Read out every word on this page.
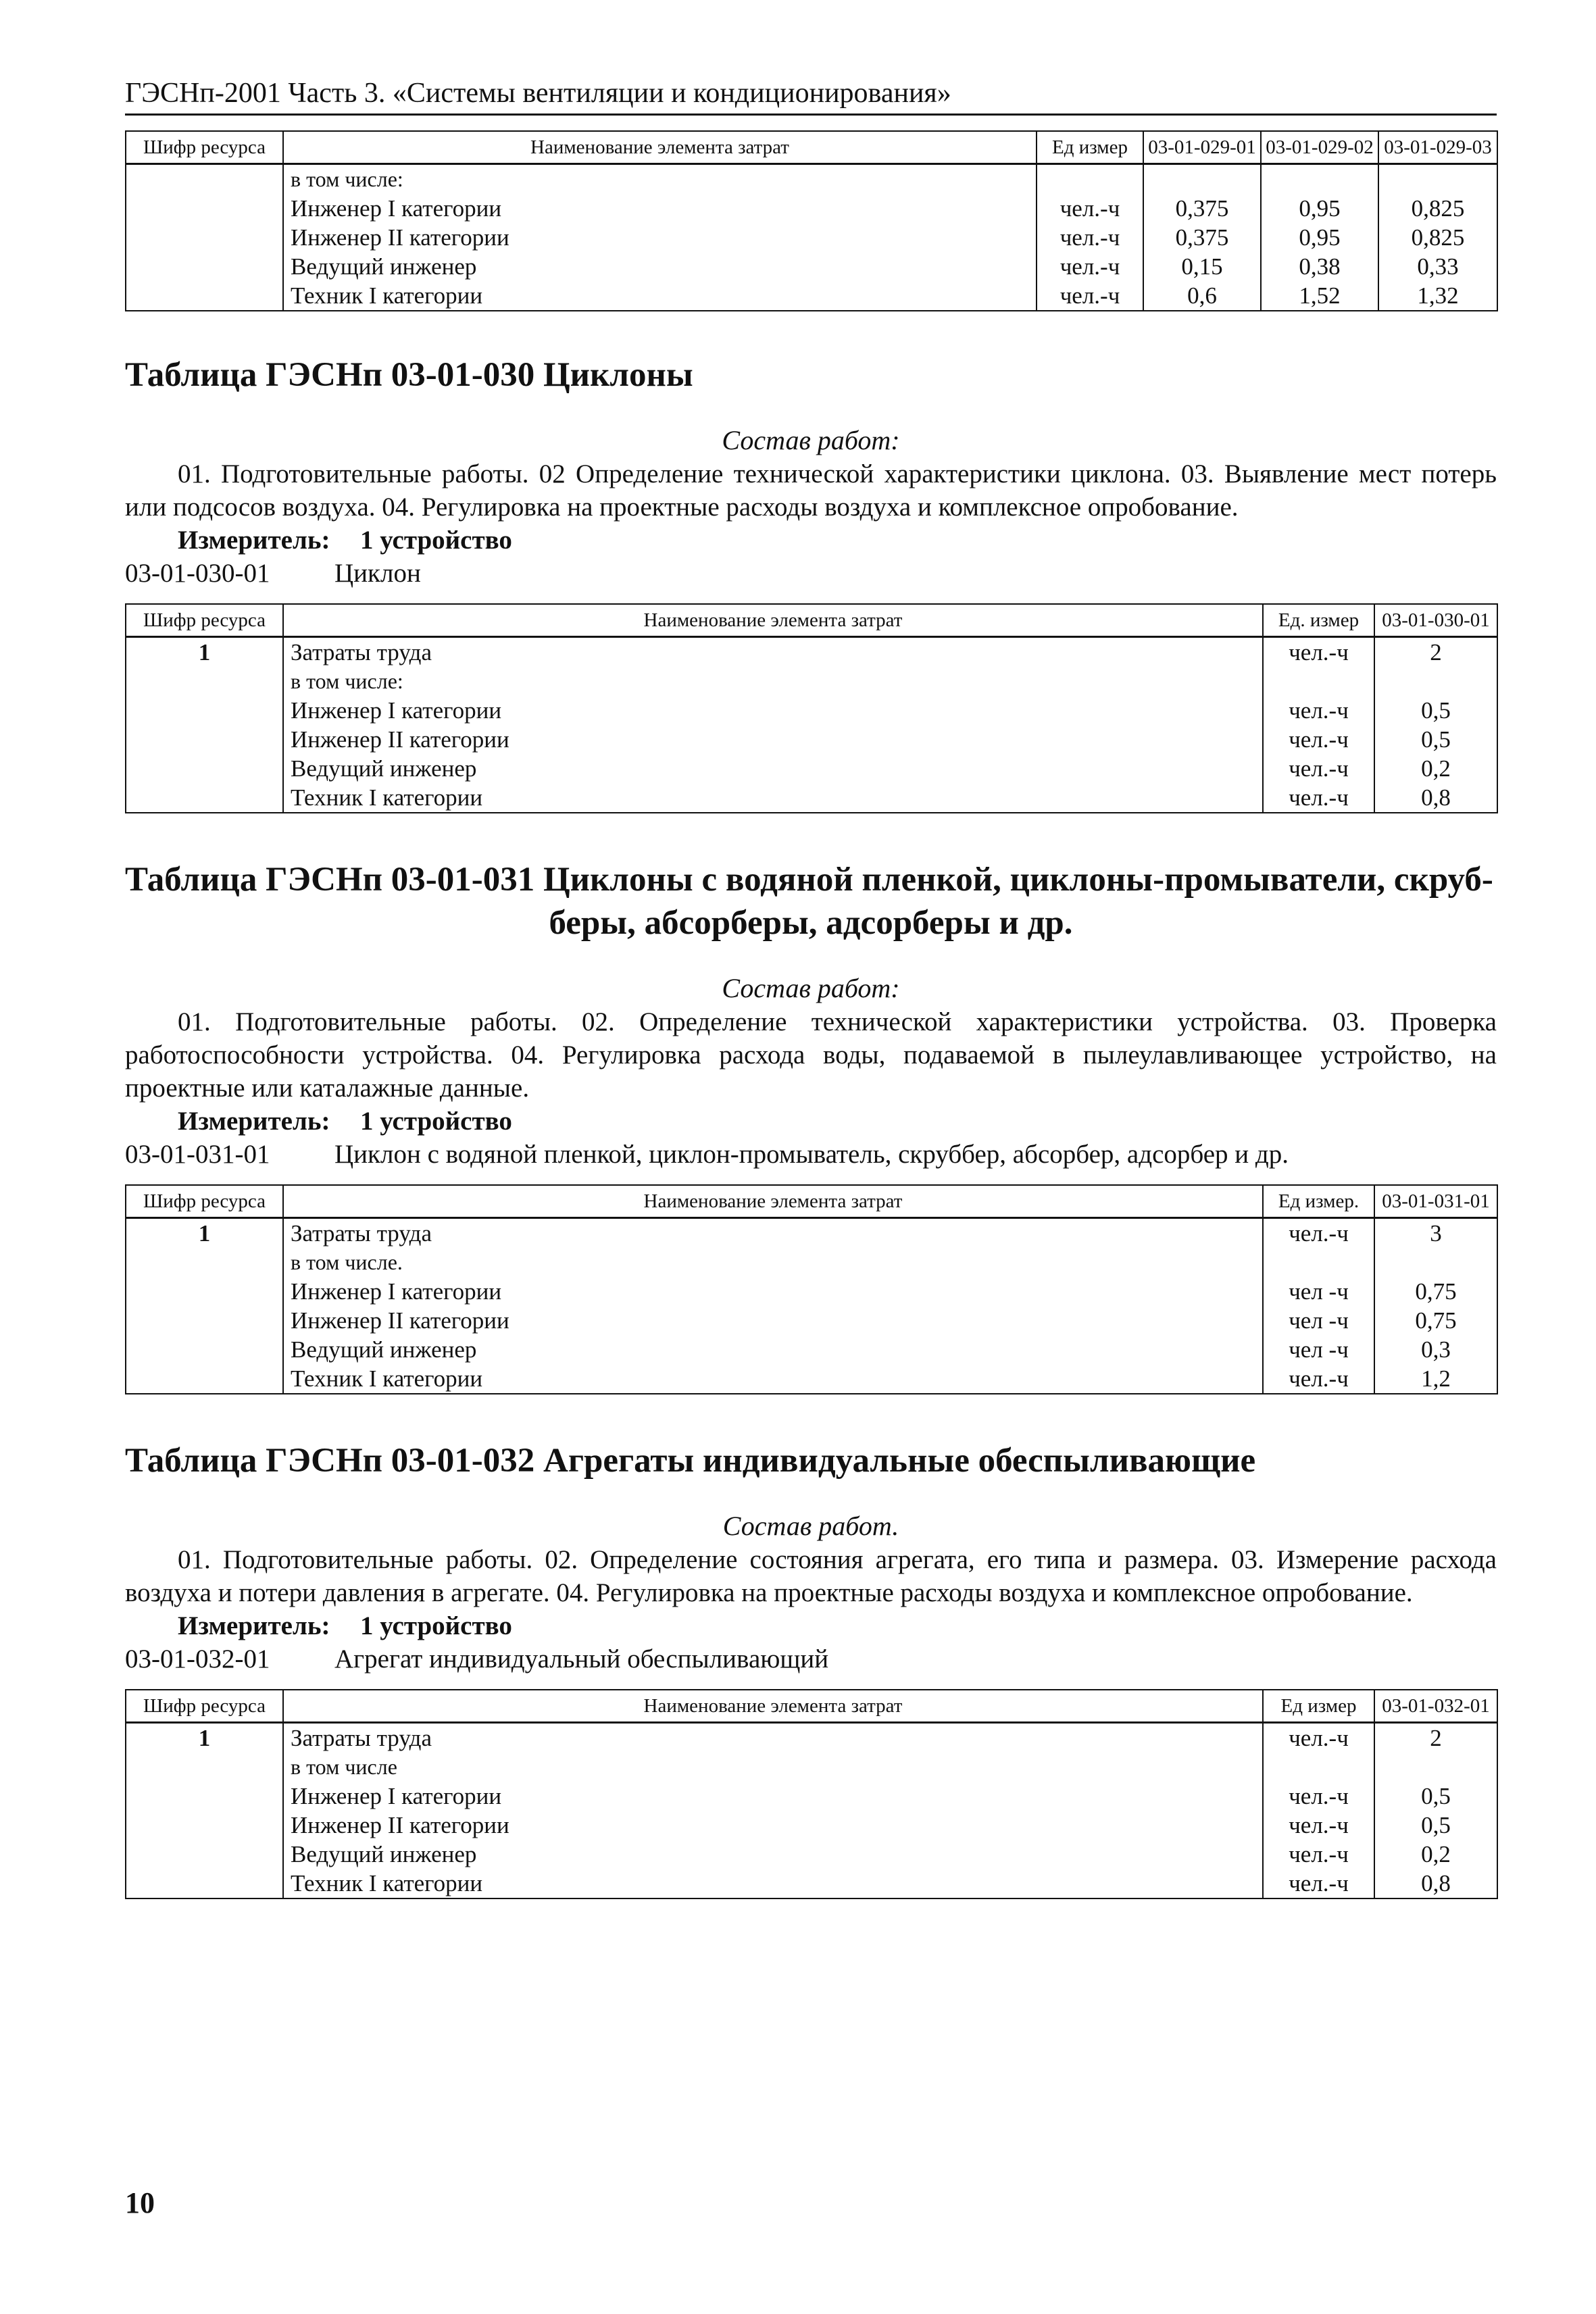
ГЭСНп-2001 Часть 3. «Системы вентиляции и кондиционирования»
Шифр ресурса	Наименование элемента затрат	Ед измер	03-01-029-01	03-01-029-02	03-01-029-03
	в том числе:				
	Инженер I категории	чел.-ч	0,375	0,95	0,825
	Инженер II категории	чел.-ч	0,375	0,95	0,825
	Ведущий инженер	чел.-ч	0,15	0,38	0,33
	Техник I категории	чел.-ч	0,6	1,52	1,32
Таблица ГЭСНп 03-01-030 Циклоны
Состав работ:

01. Подготовительные работы. 02 Определение технической характеристики циклона. 03. Выявление мест потерь или подсосов воздуха. 04. Регулировка на проектные расходы воздуха и комплексное опробование.

Измеритель: 1 устройство
03-01-030-01 Циклон
Шифр ресурса	Наименование элемента затрат	Ед. измер	03-01-030-01
1	Затраты труда	чел.-ч	2
	в том числе:		
	Инженер I категории	чел.-ч	0,5
	Инженер II категории	чел.-ч	0,5
	Ведущий инженер	чел.-ч	0,2
	Техник I категории	чел.-ч	0,8
Таблица ГЭСНп 03-01-031 Циклоны с водяной пленкой, циклоны-промыватели, скруб-
беры, абсорберы, адсорберы и др.
Состав работ:

01. Подготовительные работы. 02. Определение технической характеристики устройства. 03. Проверка работоспособности устройства. 04. Регулировка расхода воды, подаваемой в пылеулавливающее устройство, на проектные или каталажные данные.

Измеритель: 1 устройство
03-01-031-01 Циклон с водяной пленкой, циклон-промыватель, скруббер, абсорбер, адсорбер и др.
Шифр ресурса	Наименование элемента затрат	Ед измер.	03-01-031-01
1	Затраты труда	чел.-ч	3
	в том числе.		
	Инженер I категории	чел -ч	0,75
	Инженер II категории	чел -ч	0,75
	Ведущий инженер	чел -ч	0,3
	Техник I категории	чел.-ч	1,2
Таблица ГЭСНп 03-01-032 Агрегаты индивидуальные обеспыливающие
Состав работ.

01. Подготовительные работы. 02. Определение состояния агрегата, его типа и размера. 03. Измерение расхода воздуха и потери давления в агрегате. 04. Регулировка на проектные расходы воздуха и комплексное опробование.

Измеритель: 1 устройство
03-01-032-01 Агрегат индивидуальный обеспыливающий
Шифр ресурса	Наименование элемента затрат	Ед измер	03-01-032-01
1	Затраты труда	чел.-ч	2
	в том числе		
	Инженер I категории	чел.-ч	0,5
	Инженер II категории	чел.-ч	0,5
	Ведущий инженер	чел.-ч	0,2
	Техник I категории	чел.-ч	0,8
10
